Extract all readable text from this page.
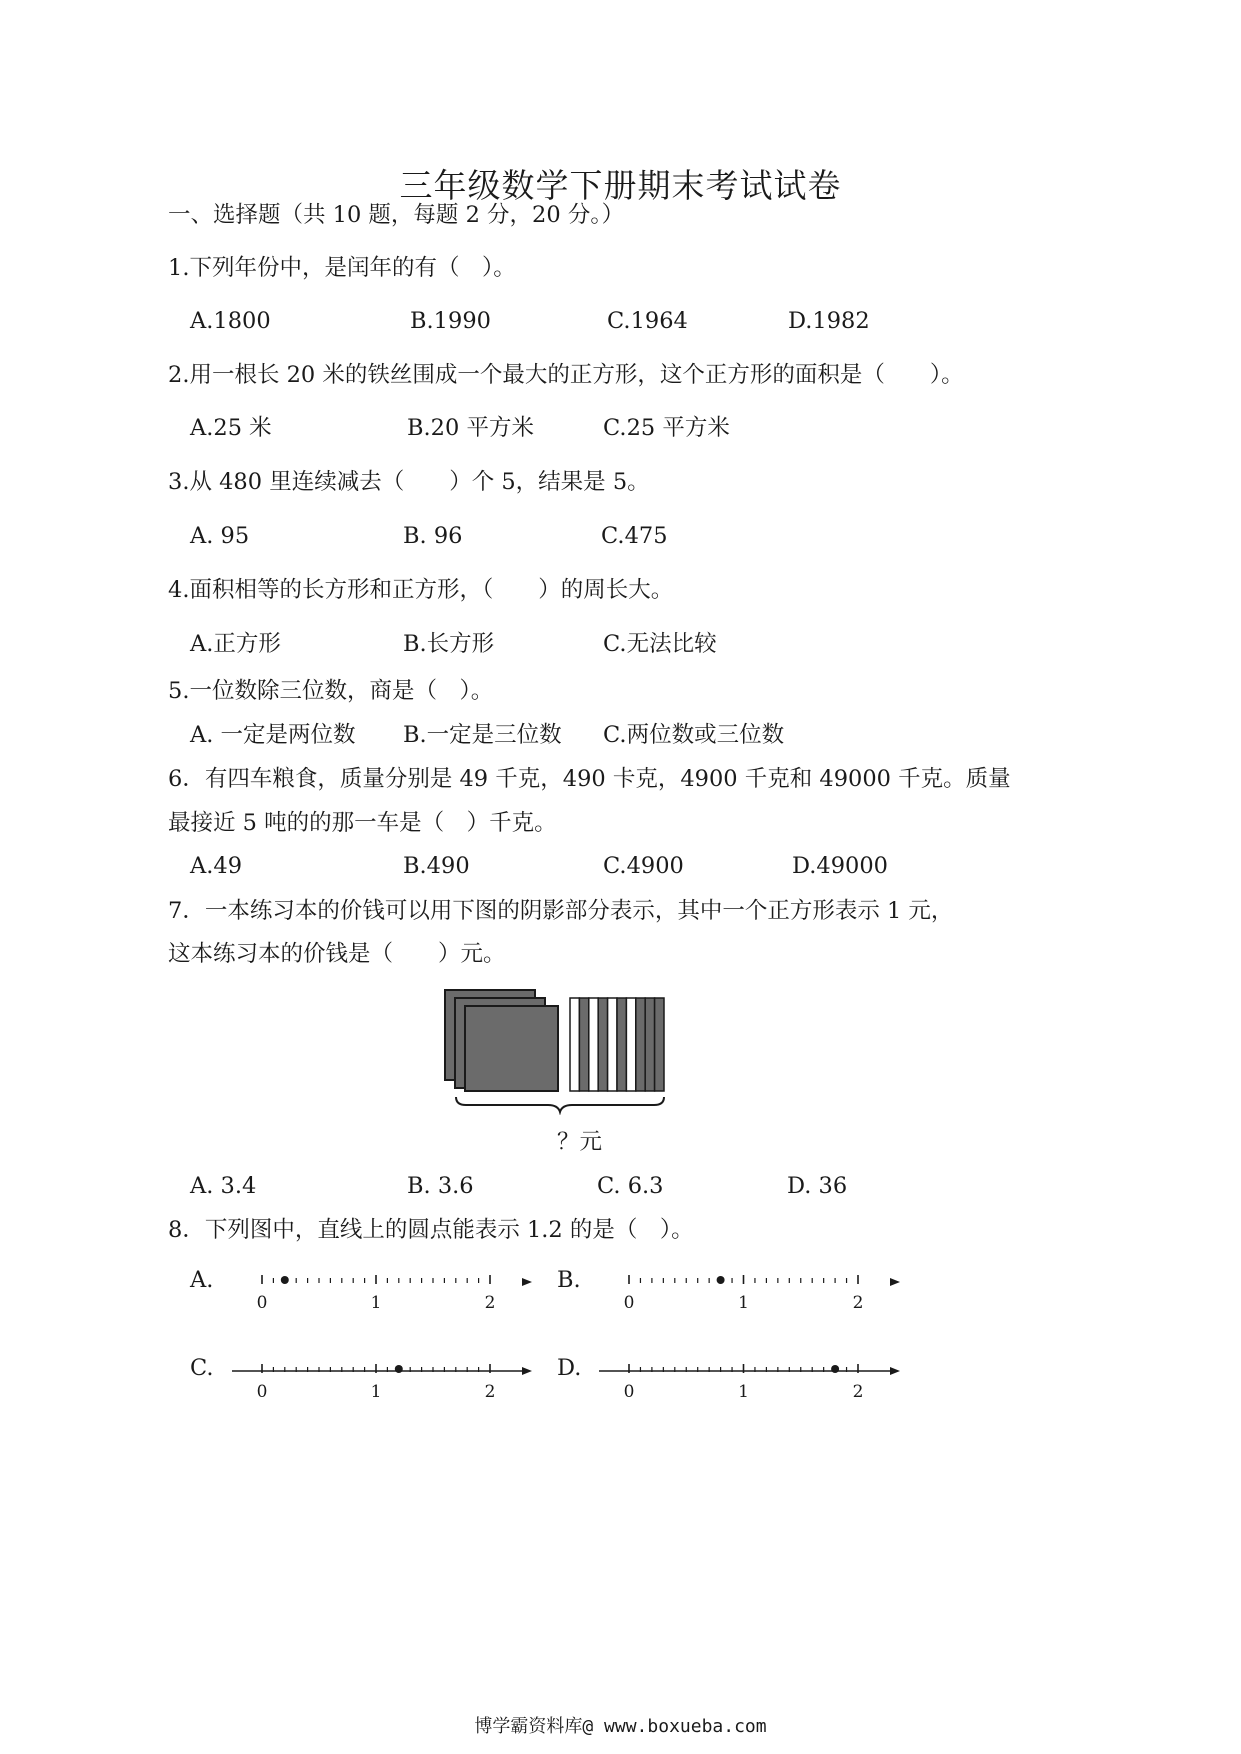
三年级数学下册期末考试试卷
一、选择题（共 10 题，每题 2 分，20 分。）
1.下列年份中，是闰年的有（　）。
A.1800	B.1990	C.1964	D.1982
2.用一根长 20 米的铁丝围成一个最大的正方形，这个正方形的面积是（　　）。
A.25 米	B.20 平方米	C.25 平方米
3.从 480 里连续减去（　　）个 5，结果是 5。
A. 95	B. 96	C.475
4.面积相等的长方形和正方形，（　　）的周长大。
A.正方形	B.长方形	C.无法比较
5.一位数除三位数，商是（　）。
A. 一定是两位数 B.一定是三位数 C.两位数或三位数
6．有四车粮食，质量分别是 49 千克，490 卡克，4900 千克和 49000 千克。质量
最接近 5 吨的的那一车是（　）千克。
A.49	B.490	C.4900	D.49000
7．一本练习本的价钱可以用下图的阴影部分表示，其中一个正方形表示 1 元，
这本练习本的价钱是（　　）元。
？元
A. 3.4	B. 3.6	C. 6.3	D. 36
8．下列图中，直线上的圆点能表示 1.2 的是（　）。
A.	B.
C.	D.
0	1	2	0	1	2
0	1	2	0	1	2
博学霸资料库@ www.boxueba.com
